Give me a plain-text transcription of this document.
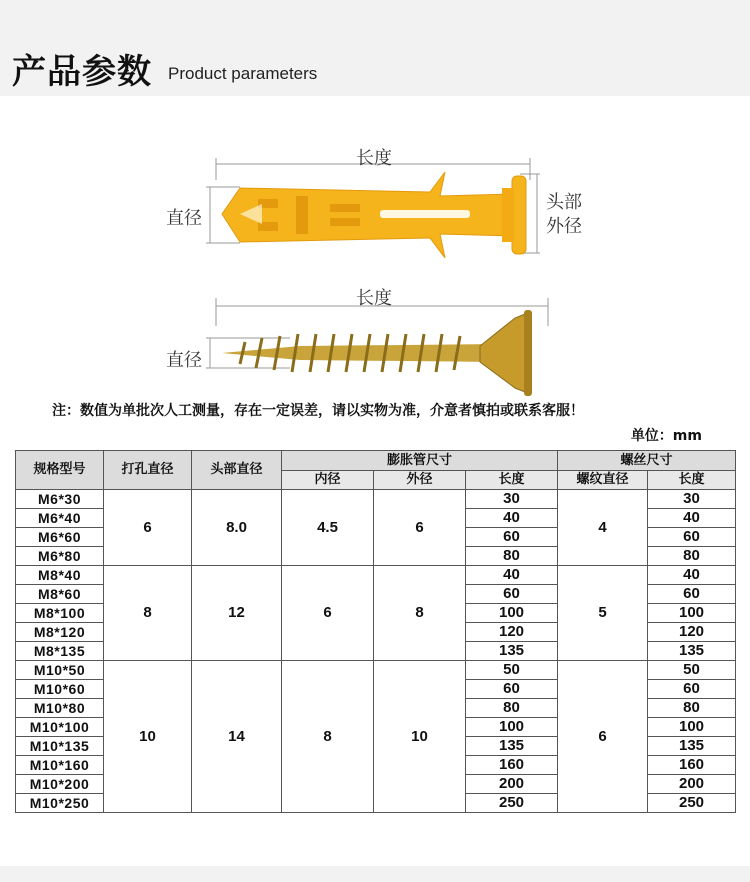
产品参数 Product parameters
长度
直径
头部
外径
长度
直径
注：数值为单批次人工测量，存在一定误差，请以实物为准，介意者慎拍或联系客服！
单位：mm
规格型号	打孔直径	头部直径	膨胀管尺寸			螺丝尺寸	
			内径	外径	长度	螺纹直径	长度
M6*30	6	8.0	4.5	6	30	4	30
M6*40					40		40
M6*60					60		60
M6*80					80		80
M8*40	8	12	6	8	40	5	40
M8*60					60		60
M8*100					100		100
M8*120					120		120
M8*135					135		135
M10*50	10	14	8	10	50	6	50
M10*60					60		60
M10*80					80		80
M10*100					100		100
M10*135					135		135
M10*160					160		160
M10*200					200		200
M10*250					250		250
